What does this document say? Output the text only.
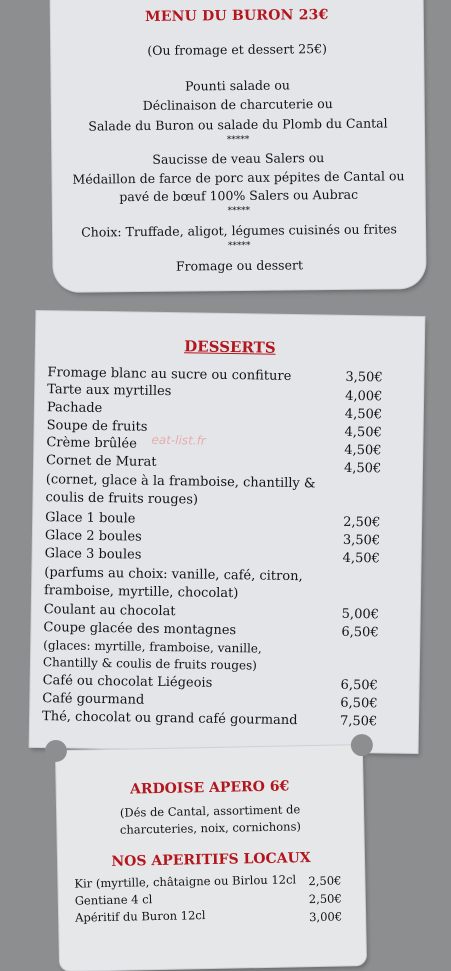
MENU DU BURON 23€
(Ou fromage et dessert 25€)
Pounti salade ou
Déclinaison de charcuterie ou
Salade du Buron ou salade du Plomb du Cantal
*****
Saucisse de veau Salers ou
Médaillon de farce de porc aux pépites de Cantal ou
pavé de bœuf 100% Salers ou Aubrac
*****
Choix: Truffade, aligot, légumes cuisinés ou frites
*****
Fromage ou dessert
DESSERTS
eat-list.fr
Fromage blanc au sucre ou confiture
Tarte aux myrtilles
Pachade
Soupe de fruits
Crème brûlée
Cornet de Murat
(cornet, glace à la framboise, chantilly &
coulis de fruits rouges)
Glace 1 boule
Glace 2 boules
Glace 3 boules
(parfums au choix: vanille, café, citron,
framboise, myrtille, chocolat)
Coulant au chocolat
Coupe glacée des montagnes
(glaces: myrtille, framboise, vanille,
Chantilly & coulis de fruits rouges)
Café ou chocolat Liégeois
Café gourmand
Thé, chocolat ou grand café gourmand
3,50€
4,00€
4,50€
4,50€
4,50€
4,50€
2,50€
3,50€
4,50€
5,00€
6,50€
6,50€
6,50€
7,50€
ARDOISE APERO 6€
(Dés de Cantal, assortiment de
charcuteries, noix, cornichons)
NOS APERITIFS LOCAUX
Kir (myrtille, châtaigne ou Birlou 12cl 2,50€
Gentiane 4 cl	2,50€
Apéritif du Buron 12cl	3,00€
